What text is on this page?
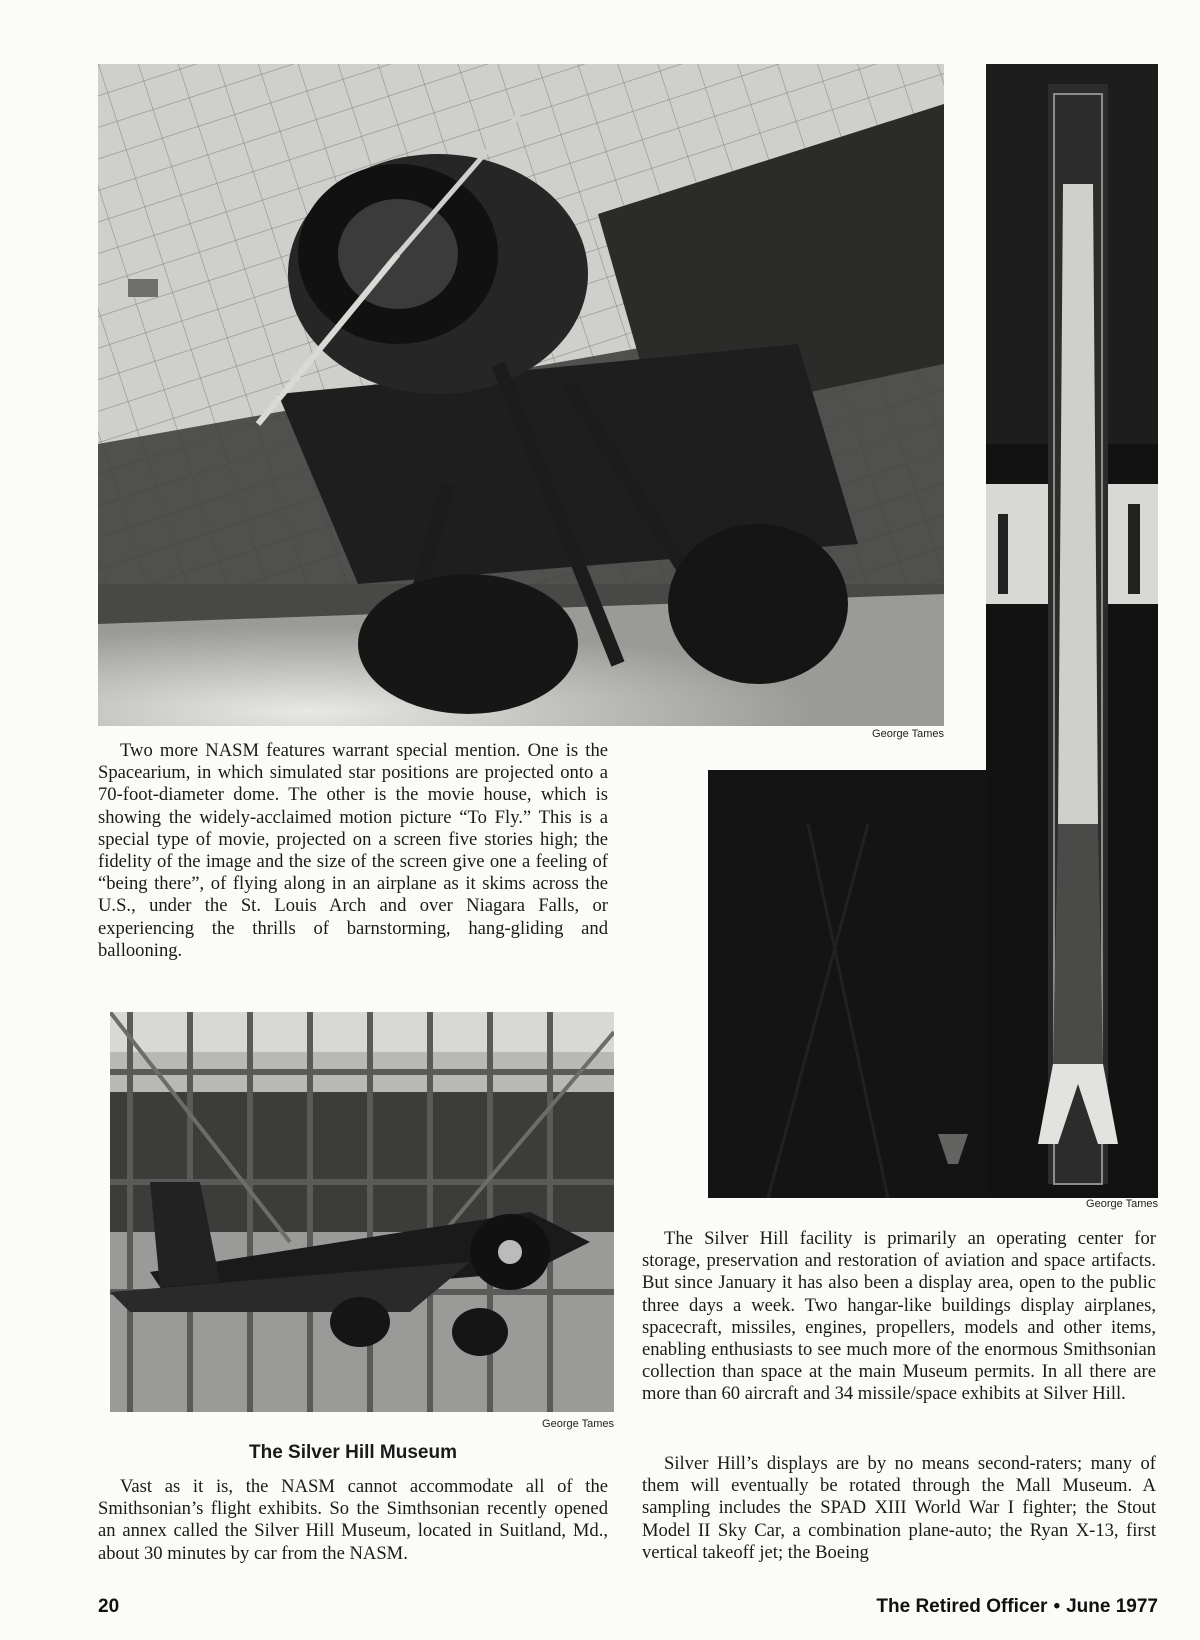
George Tames
George Tames
George Tames

Two more NASM features warrant special mention. One is the Spacearium, in which simulated star positions are projected onto a 70-foot-diameter dome. The other is the movie house, which is showing the widely-acclaimed motion picture “To Fly.” This is a special type of movie, projected on a screen five stories high; the fidelity of the image and the size of the screen give one a feeling of “being there”, of flying along in an airplane as it skims across the U.S., under the St. Louis Arch and over Niagara Falls, or experiencing the thrills of barnstorming, hang-gliding and ballooning.

The Silver Hill Museum

Vast as it is, the NASM cannot accommodate all of the Smithsonian’s flight exhibits. So the Simthsonian recently opened an annex called the Silver Hill Museum, located in Suitland, Md., about 30 minutes by car from the NASM.

The Silver Hill facility is primarily an operating center for storage, preservation and restoration of aviation and space artifacts. But since January it has also been a display area, open to the public three days a week. Two hangar-like buildings display airplanes, spacecraft, missiles, engines, propellers, models and other items, enabling enthusiasts to see much more of the enormous Smithsonian collection than space at the main Museum permits. In all there are more than 60 aircraft and 34 missile/space exhibits at Silver Hill.

Silver Hill’s displays are by no means second-raters; many of them will eventually be rotated through the Mall Museum. A sampling includes the SPAD XIII World War I fighter; the Stout Model II Sky Car, a combination plane-auto; the Ryan X-13, first vertical takeoff jet; the Boeing

20	The Retired Officer • June 1977
